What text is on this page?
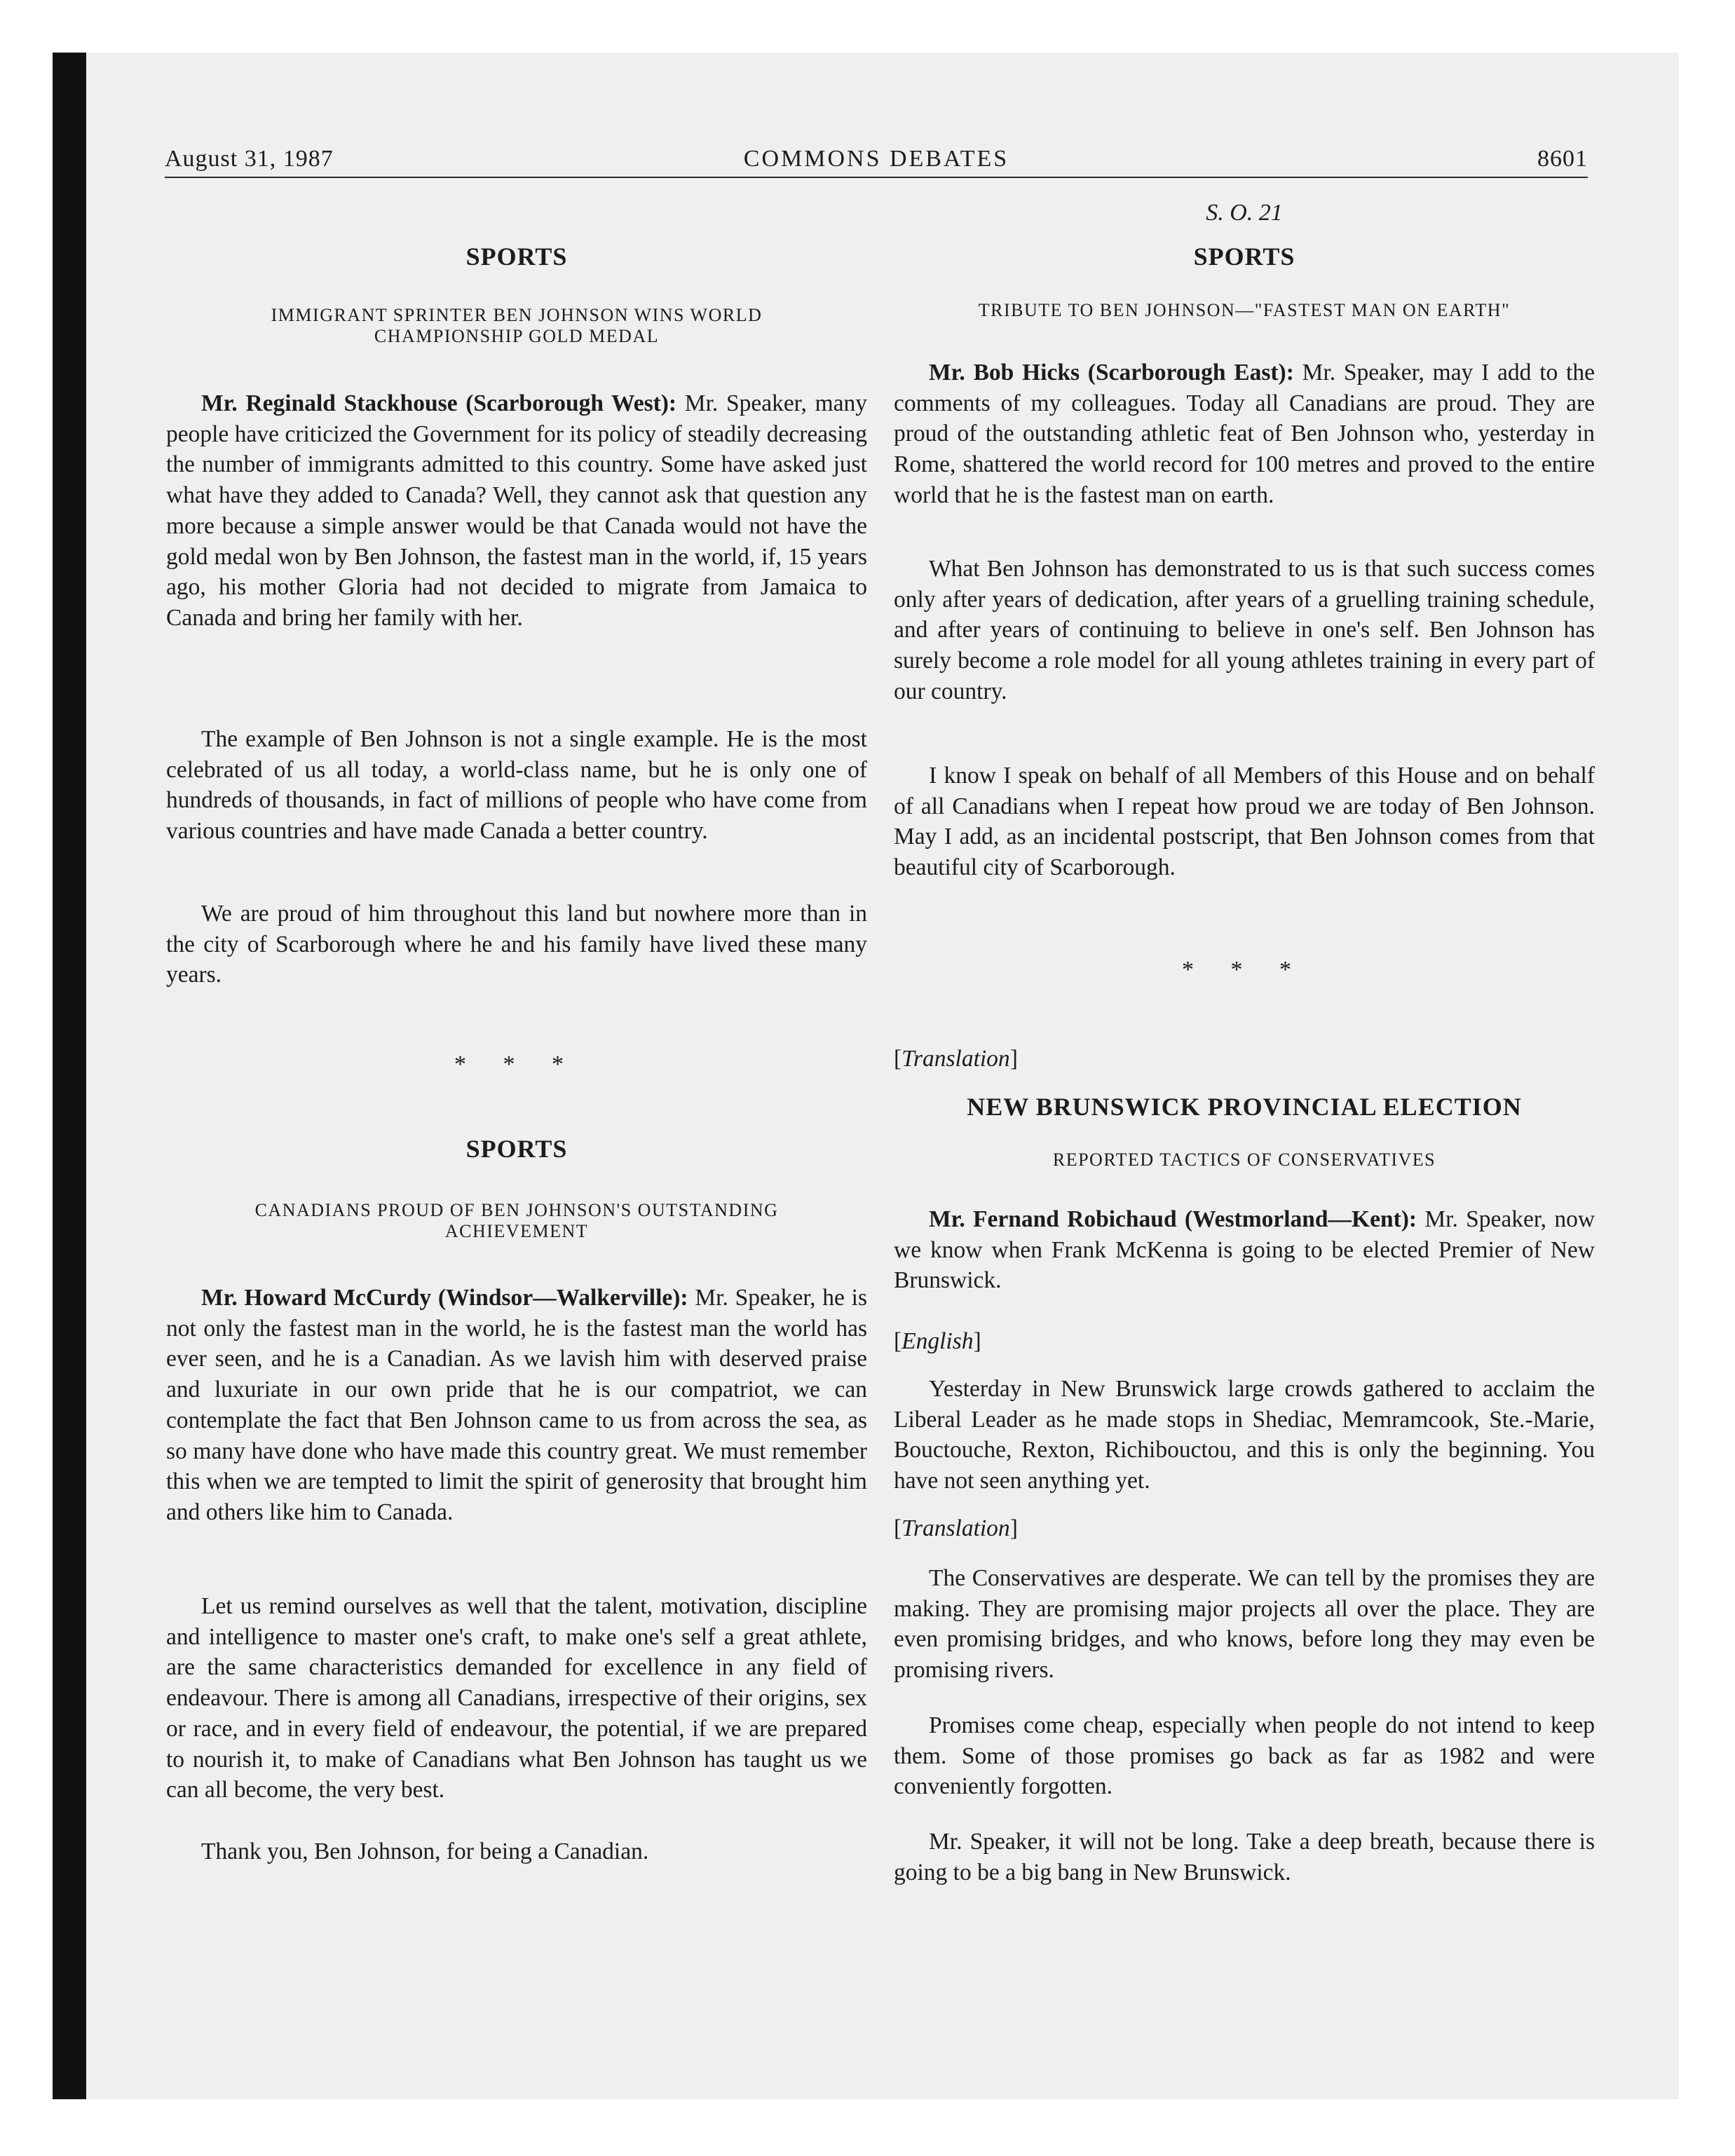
August 31, 1987	COMMONS DEBATES	8601
SPORTS
IMMIGRANT SPRINTER BEN JOHNSON WINS WORLD CHAMPIONSHIP GOLD MEDAL
Mr. Reginald Stackhouse (Scarborough West): Mr. Speaker, many people have criticized the Government for its policy of steadily decreasing the number of immigrants admitted to this country. Some have asked just what have they added to Canada? Well, they cannot ask that question any more because a simple answer would be that Canada would not have the gold medal won by Ben Johnson, the fastest man in the world, if, 15 years ago, his mother Gloria had not decided to migrate from Jamaica to Canada and bring her family with her.
The example of Ben Johnson is not a single example. He is the most celebrated of us all today, a world-class name, but he is only one of hundreds of thousands, in fact of millions of people who have come from various countries and have made Canada a better country.
We are proud of him throughout this land but nowhere more than in the city of Scarborough where he and his family have lived these many years.
* * *
SPORTS
CANADIANS PROUD OF BEN JOHNSON'S OUTSTANDING ACHIEVEMENT
Mr. Howard McCurdy (Windsor—Walkerville): Mr. Speaker, he is not only the fastest man in the world, he is the fastest man the world has ever seen, and he is a Canadian. As we lavish him with deserved praise and luxuriate in our own pride that he is our compatriot, we can contemplate the fact that Ben Johnson came to us from across the sea, as so many have done who have made this country great. We must remember this when we are tempted to limit the spirit of generosity that brought him and others like him to Canada.
Let us remind ourselves as well that the talent, motivation, discipline and intelligence to master one's craft, to make one's self a great athlete, are the same characteristics demanded for excellence in any field of endeavour. There is among all Canadians, irrespective of their origins, sex or race, and in every field of endeavour, the potential, if we are prepared to nourish it, to make of Canadians what Ben Johnson has taught us we can all become, the very best.
Thank you, Ben Johnson, for being a Canadian.
S. O. 21
SPORTS
TRIBUTE TO BEN JOHNSON—"FASTEST MAN ON EARTH"
Mr. Bob Hicks (Scarborough East): Mr. Speaker, may I add to the comments of my colleagues. Today all Canadians are proud. They are proud of the outstanding athletic feat of Ben Johnson who, yesterday in Rome, shattered the world record for 100 metres and proved to the entire world that he is the fastest man on earth.
What Ben Johnson has demonstrated to us is that such success comes only after years of dedication, after years of a gruelling training schedule, and after years of continuing to believe in one's self. Ben Johnson has surely become a role model for all young athletes training in every part of our country.
I know I speak on behalf of all Members of this House and on behalf of all Canadians when I repeat how proud we are today of Ben Johnson. May I add, as an incidental postscript, that Ben Johnson comes from that beautiful city of Scarborough.
* * *
[Translation]
NEW BRUNSWICK PROVINCIAL ELECTION
REPORTED TACTICS OF CONSERVATIVES
Mr. Fernand Robichaud (Westmorland—Kent): Mr. Speaker, now we know when Frank McKenna is going to be elected Premier of New Brunswick.
[English]
Yesterday in New Brunswick large crowds gathered to acclaim the Liberal Leader as he made stops in Shediac, Memramcook, Ste.-Marie, Bouctouche, Rexton, Richibouctou, and this is only the beginning. You have not seen anything yet.
[Translation]
The Conservatives are desperate. We can tell by the promises they are making. They are promising major projects all over the place. They are even promising bridges, and who knows, before long they may even be promising rivers.
Promises come cheap, especially when people do not intend to keep them. Some of those promises go back as far as 1982 and were conveniently forgotten.
Mr. Speaker, it will not be long. Take a deep breath, because there is going to be a big bang in New Brunswick.
